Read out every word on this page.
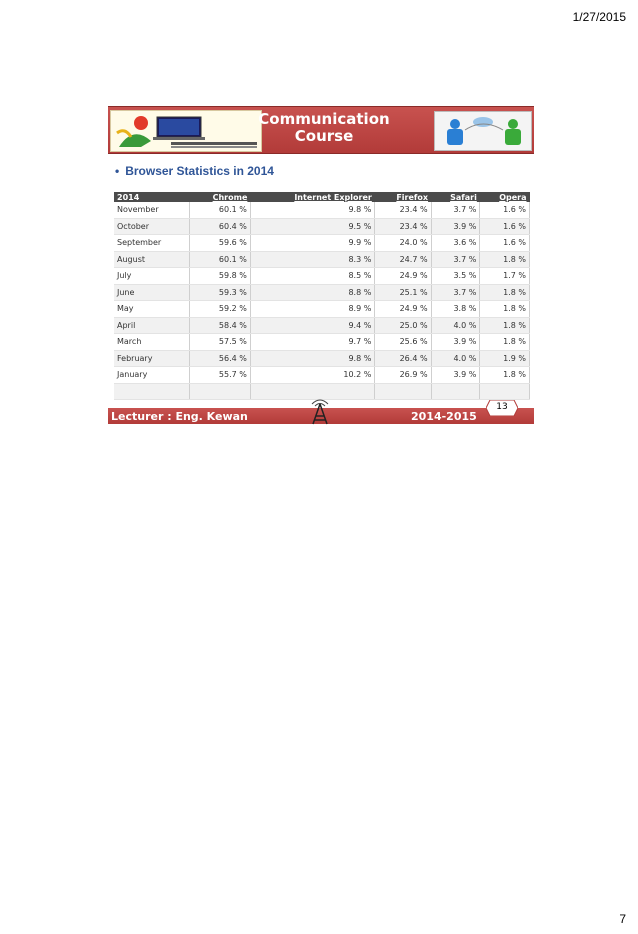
1/27/2015
Communication
Course
• Browser Statistics in 2014
2014	Chrome	Internet Explorer	Firefox	Safari	Opera
November	60.1 %	9.8 %	23.4 %	3.7 %	1.6 %
October	60.4 %	9.5 %	23.4 %	3.9 %	1.6 %
September	59.6 %	9.9 %	24.0 %	3.6 %	1.6 %
August	60.1 %	8.3 %	24.7 %	3.7 %	1.8 %
July	59.8 %	8.5 %	24.9 %	3.5 %	1.7 %
June	59.3 %	8.8 %	25.1 %	3.7 %	1.8 %
May	59.2 %	8.9 %	24.9 %	3.8 %	1.8 %
April	58.4 %	9.4 %	25.0 %	4.0 %	1.8 %
March	57.5 %	9.7 %	25.6 %	3.9 %	1.8 %
February	56.4 %	9.8 %	26.4 %	4.0 %	1.9 %
January	55.7 %	10.2 %	26.9 %	3.9 %	1.8 %

Lecturer : Eng. Kewan	2014-2015
13
7
